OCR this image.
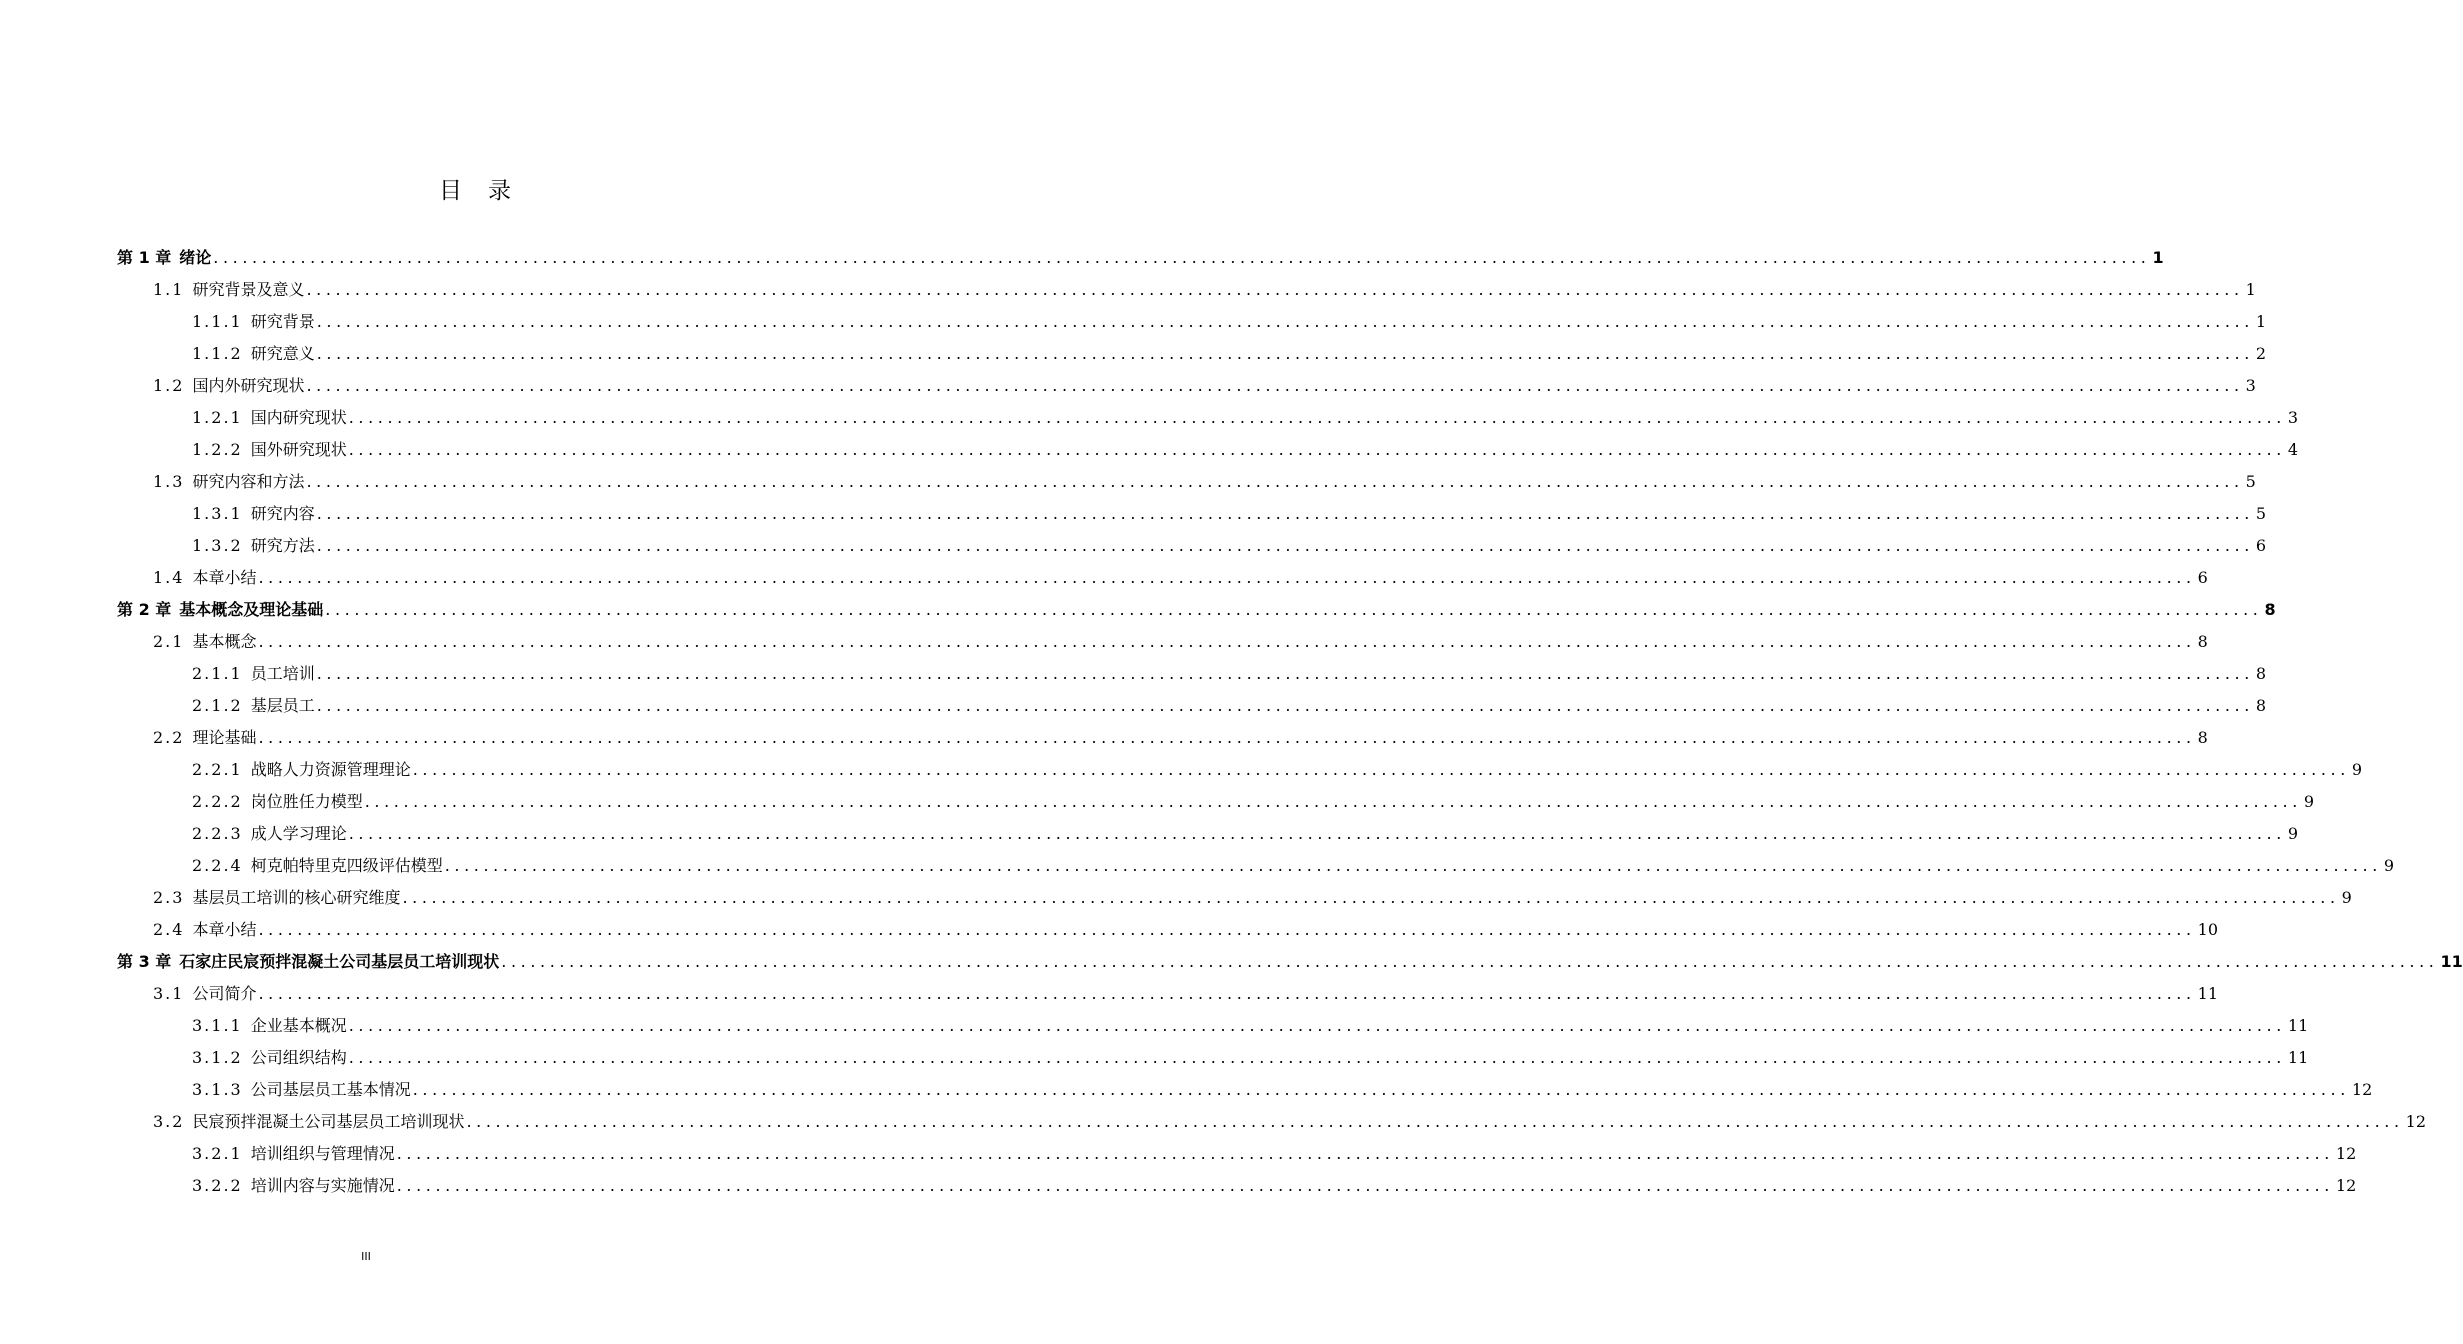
目 录
第 1 章
  绪论 ........................................................................................................................................................................................................ 1
1.1
  研究背景及意义 ........................................................................................................................................................................................................ 1
1.1.1
  研究背景 ........................................................................................................................................................................................................ 1
1.1.2
  研究意义 ........................................................................................................................................................................................................ 2
1.2
  国内外研究现状 ........................................................................................................................................................................................................ 3
1.2.1
  国内研究现状 ........................................................................................................................................................................................................ 3
1.2.2
  国外研究现状 ........................................................................................................................................................................................................ 4
1.3
  研究内容和方法 ........................................................................................................................................................................................................ 5
1.3.1
  研究内容 ........................................................................................................................................................................................................ 5
1.3.2
  研究方法 ........................................................................................................................................................................................................ 6
1.4
  本章小结 ........................................................................................................................................................................................................ 6
第 2 章
  基本概念及理论基础 ........................................................................................................................................................................................................ 8
2.1
  基本概念 ........................................................................................................................................................................................................ 8
2.1.1
  员工培训 ........................................................................................................................................................................................................ 8
2.1.2
  基层员工 ........................................................................................................................................................................................................ 8
2.2
  理论基础 ........................................................................................................................................................................................................ 8
2.2.1
  战略人力资源管理理论 ........................................................................................................................................................................................................ 9
2.2.2
  岗位胜任力模型 ........................................................................................................................................................................................................ 9
2.2.3
  成人学习理论 ........................................................................................................................................................................................................ 9
2.2.4
  柯克帕特里克四级评估模型 ........................................................................................................................................................................................................ 9
2.3
  基层员工培训的核心研究维度 ........................................................................................................................................................................................................ 9
2.4
  本章小结 ........................................................................................................................................................................................................ 10
第 3 章
  石家庄民宸预拌混凝土公司基层员工培训现状 ........................................................................................................................................................................................................ 11
3.1
  公司简介 ........................................................................................................................................................................................................ 11
3.1.1
  企业基本概况 ........................................................................................................................................................................................................ 11
3.1.2
  公司组织结构 ........................................................................................................................................................................................................ 11
3.1.3
  公司基层员工基本情况 ........................................................................................................................................................................................................ 12
3.2
  民宸预拌混凝土公司基层员工培训现状 ........................................................................................................................................................................................................ 12
3.2.1
  培训组织与管理情况 ........................................................................................................................................................................................................ 12
3.2.2
  培训内容与实施情况 ........................................................................................................................................................................................................ 12
III
